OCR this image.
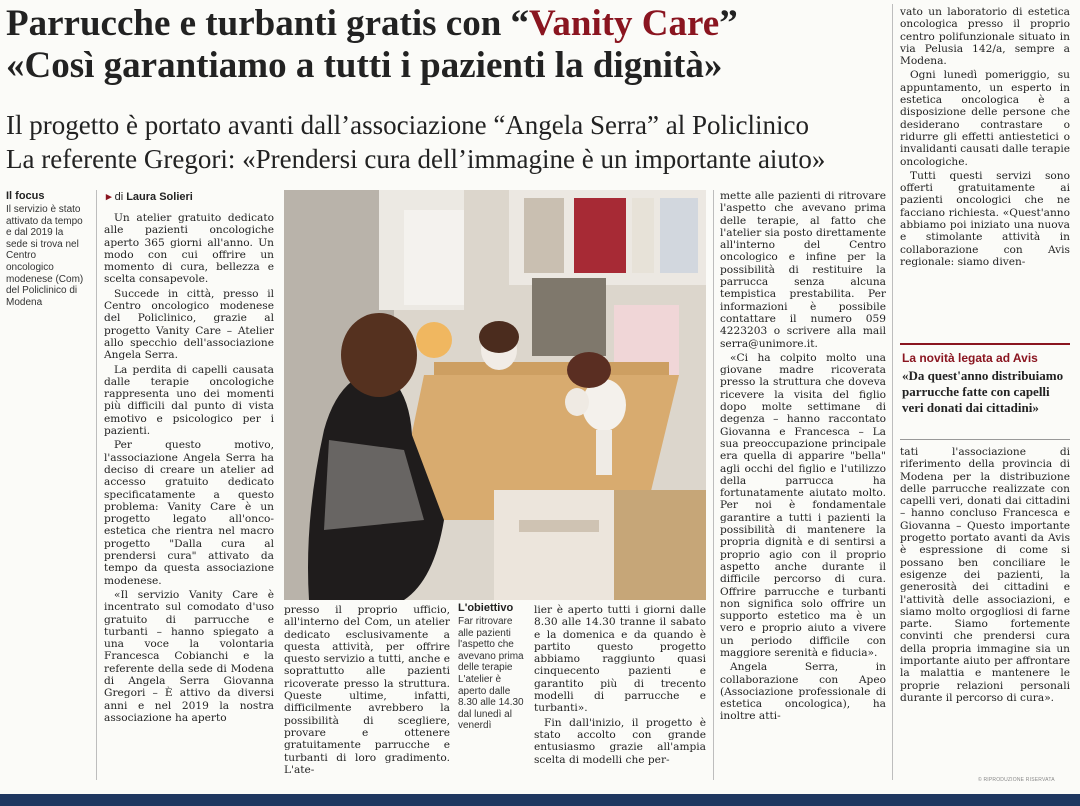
Parrucche e turbanti gratis con “Vanity Care”
«Così garantiamo a tutti i pazienti la dignità»
Il progetto è portato avanti dall’associazione “Angela Serra” al Policlinico
La referente Gregori: «Prendersi cura dell’immagine è un importante aiuto»

Il focus

Il servizio è stato attivato da tempo e dal 2019 la sede si trova nel Centro oncologico modenese (Com) del Policlinico di Modena

▸ di Laura Solieri

Un atelier gratuito dedicato alle pazienti oncologiche aperto 365 giorni all'anno. Un modo con cui offrire un momento di cura, bellezza e scelta consapevole.

Succede in città, presso il Centro oncologico modenese del Policlinico, grazie al progetto Vanity Care – Atelier allo specchio dell'associazione Angela Serra.

La perdita di capelli causata dalle terapie oncologiche rappresenta uno dei momenti più difficili dal punto di vista emotivo e psicologico per i pazienti.

Per questo motivo, l'associazione Angela Serra ha deciso di creare un atelier ad accesso gratuito dedicato specificatamente a questo problema: Vanity Care è un progetto legato all'onco-estetica che rientra nel macro progetto "Dalla cura al prendersi cura" attivato da tempo da questa associazione modenese.

«Il servizio Vanity Care è incentrato sul comodato d'uso gratuito di parrucche e turbanti – hanno spiegato a una voce la volontaria Francesca Cobianchi e la referente della sede di Modena di Angela Serra Giovanna Gregori – È attivo da diversi anni e nel 2019 la nostra associazione ha aperto

presso il proprio ufficio, all'interno del Com, un atelier dedicato esclusivamente a questa attività, per offrire questo servizio a tutti, anche e soprattutto alle pazienti ricoverate presso la struttura. Queste ultime, infatti, difficilmente avrebbero la possibilità di scegliere, provare e ottenere gratuitamente parrucche e turbanti di loro gradimento. L'ate-

L'obiettivo

Far ritrovare alle pazienti l'aspetto che avevano prima delle terapie L'atelier è aperto dalle 8.30 alle 14.30 dal lunedì al venerdì

lier è aperto tutti i giorni dalle 8.30 alle 14.30 tranne il sabato e la domenica e da quando è partito questo progetto abbiamo raggiunto quasi cinquecento pazienti e garantito più di trecento modelli di parrucche e turbanti».

Fin dall'inizio, il progetto è stato accolto con grande entusiasmo grazie all'ampia scelta di modelli che per-

mette alle pazienti di ritrovare l'aspetto che avevano prima delle terapie, al fatto che l'atelier sia posto direttamente all'interno del Centro oncologico e infine per la possibilità di restituire la parrucca senza alcuna tempistica prestabilita. Per informazioni è possibile contattare il numero 059 4223203 o scrivere alla mail serra@unimore.it.

«Ci ha colpito molto una giovane madre ricoverata presso la struttura che doveva ricevere la visita del figlio dopo molte settimane di degenza – hanno raccontato Giovanna e Francesca – La sua preoccupazione principale era quella di apparire "bella" agli occhi del figlio e l'utilizzo della parrucca ha fortunatamente aiutato molto. Per noi è fondamentale garantire a tutti i pazienti la possibilità di mantenere la propria dignità e di sentirsi a proprio agio con il proprio aspetto anche durante il difficile percorso di cura. Offrire parrucche e turbanti non significa solo offrire un supporto estetico ma è un vero e proprio aiuto a vivere un periodo difficile con maggiore serenità e fiducia».

Angela Serra, in collaborazione con Apeo (Associazione professionale di estetica oncologica), ha inoltre atti-

vato un laboratorio di estetica oncologica presso il proprio centro polifunzionale situato in via Pelusia 142/a, sempre a Modena.

Ogni lunedì pomeriggio, su appuntamento, un esperto in estetica oncologica è a disposizione delle persone che desiderano contrastare o ridurre gli effetti antiestetici o invalidanti causati dalle terapie oncologiche.

Tutti questi servizi sono offerti gratuitamente ai pazienti oncologici che ne facciano richiesta. «Quest'anno abbiamo poi iniziato una nuova e stimolante attività in collaborazione con Avis regionale: siamo diven-

La novità legata ad Avis

«Da quest'anno distribuiamo parrucche fatte con capelli veri donati dai cittadini»

tati l'associazione di riferimento della provincia di Modena per la distribuzione delle parrucche realizzate con capelli veri, donati dai cittadini – hanno concluso Francesca e Giovanna – Questo importante progetto portato avanti da Avis è espressione di come si possano ben conciliare le esigenze dei pazienti, la generosità dei cittadini e l'attività delle associazioni, e siamo molto orgogliosi di farne parte. Siamo fortemente convinti che prendersi cura della propria immagine sia un importante aiuto per affrontare la malattia e mantenere le proprie relazioni personali durante il percorso di cura».

© RIPRODUZIONE RISERVATA
